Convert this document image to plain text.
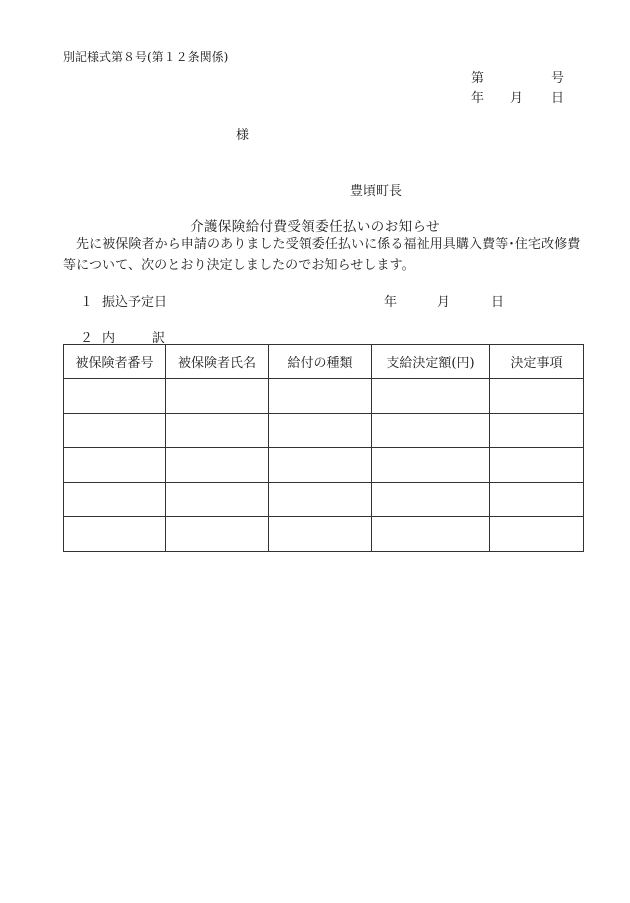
別記様式第８号(第１２条関係)
第	号
年 月 日
様
豊頃町長
介護保険給付費受領委任払いのお知らせ
先に被保険者から申請のありました受領委任払いに係る福祉用具購入費等･住宅改修費等について、次のとおり決定しましたのでお知らせします。
１ 振込予定日	年	月	日
２ 内	訳
被保険者番号	被保険者氏名	給付の種類	支給決定額(円)	決定事項
